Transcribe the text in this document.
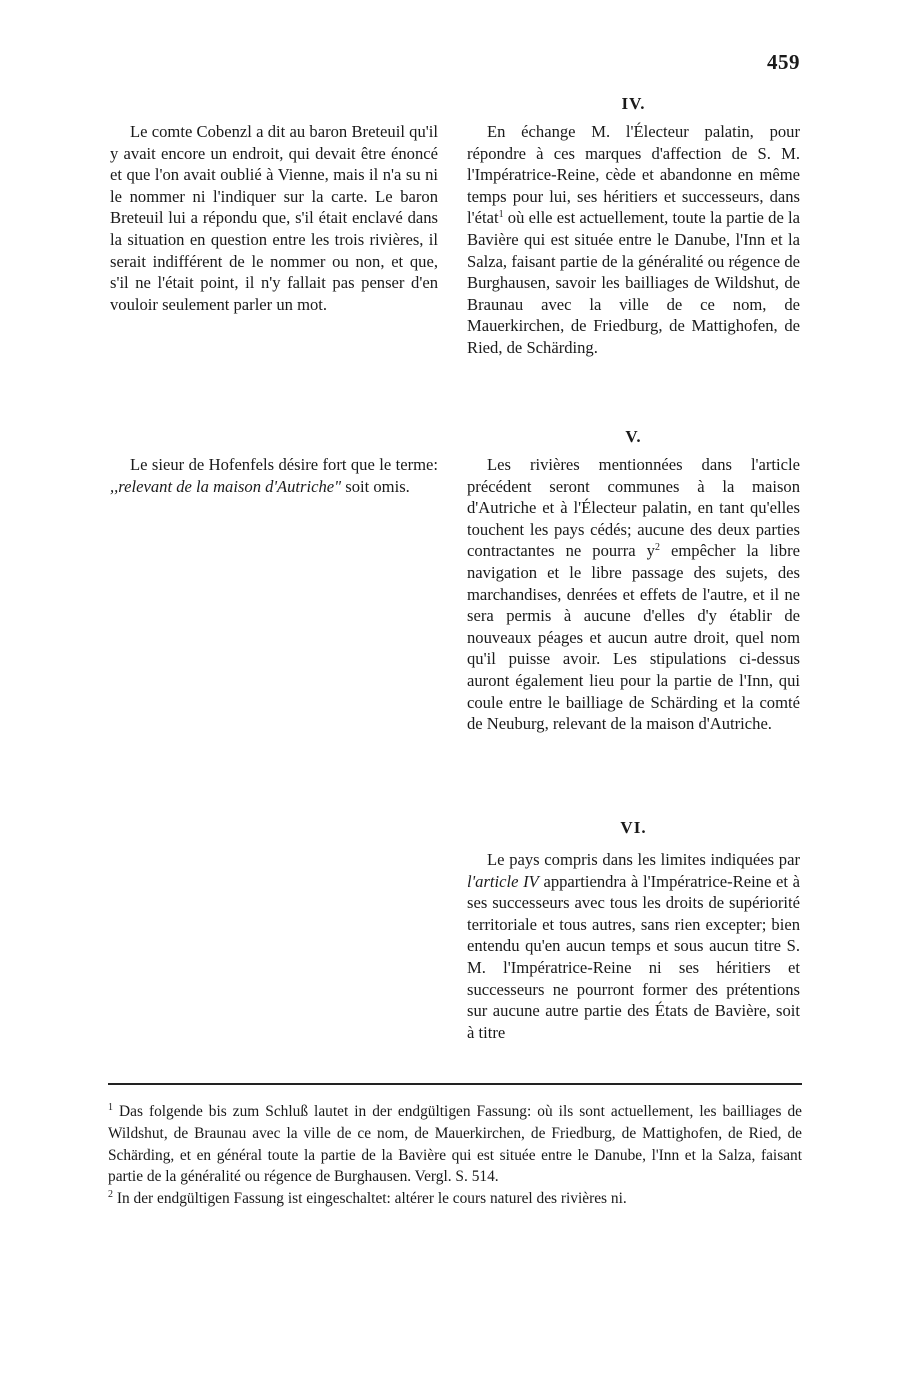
459

Le comte Cobenzl a dit au baron Breteuil qu'il y avait encore un endroit, qui devait être énoncé et que l'on avait oublié à Vienne, mais il n'a su ni le nommer ni l'indiquer sur la carte. Le baron Breteuil lui a répondu que, s'il était enclavé dans la situation en question entre les trois rivières, il serait indifférent de le nommer ou non, et que, s'il ne l'était point, il n'y fallait pas penser d'en vouloir seulement parler un mot.

Le sieur de Hofenfels désire fort que le terme: ,,relevant de la maison d'Autriche" soit omis.

IV.

En échange M. l'Électeur palatin, pour répondre à ces marques d'affection de S. M. l'Impératrice-Reine, cède et abandonne en même temps pour lui, ses héritiers et successeurs, dans l'état$^1$ où elle est actuellement, toute la partie de la Bavière qui est située entre le Danube, l'Inn et la Salza, faisant partie de la généralité ou régence de Burghausen, savoir les bailliages de Wildshut, de Braunau avec la ville de ce nom, de Mauerkirchen, de Friedburg, de Mattighofen, de Ried, de Schärding.

V.

Les rivières mentionnées dans l'article précédent seront communes à la maison d'Autriche et à l'Électeur palatin, en tant qu'elles touchent les pays cédés; aucune des deux parties contractantes ne pourra $y^2$ empêcher la libre navigation et le libre passage des sujets, des marchandises, denrées et effets de l'autre, et il ne sera permis à aucune d'elles d'y établir de nouveaux péages et aucun autre droit, quel nom qu'il puisse avoir. Les stipulations ci-dessus auront également lieu pour la partie de l'Inn, qui coule entre le bailliage de Schärding et la comté de Neuburg, relevant de la maison d'Autriche.

VI.

Le pays compris dans les limites indiquées par l'article IV appartiendra à l'Impératrice-Reine et à ses successeurs avec tous les droits de supériorité territoriale et tous autres, sans rien excepter; bien entendu qu'en aucun temps et sous aucun titre S. M. l'Impératrice-Reine ni ses héritiers et successeurs ne pourront former des prétentions sur aucune autre partie des États de Bavière, soit à titre

$^1$ Das folgende bis zum Schluß lautet in der endgültigen Fassung: où ils sont actuellement, les bailliages de Wildshut, de Braunau avec la ville de ce nom, de Mauerkirchen, de Friedburg, de Mattighofen, de Ried, de Schärding, et en général toute la partie de la Bavière qui est située entre le Danube, l'Inn et la Salza, faisant partie de la généralité ou régence de Burghausen. Vergl. S. 514.

$^2$ In der endgültigen Fassung ist eingeschaltet: altérer le cours naturel des rivières ni.
